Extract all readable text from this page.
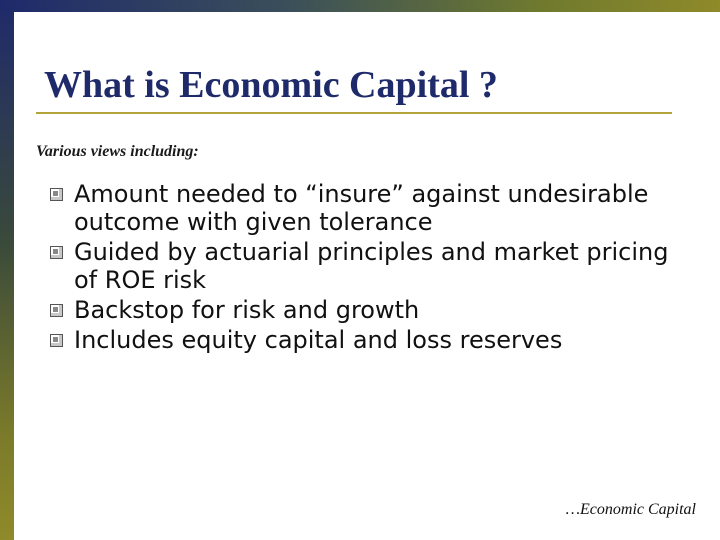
What is Economic Capital ?
Various views including:
Amount needed to “insure” against undesirable outcome with given tolerance
Guided by actuarial principles and market pricing of ROE risk
Backstop for risk and growth
Includes equity capital and loss reserves
…Economic Capital
